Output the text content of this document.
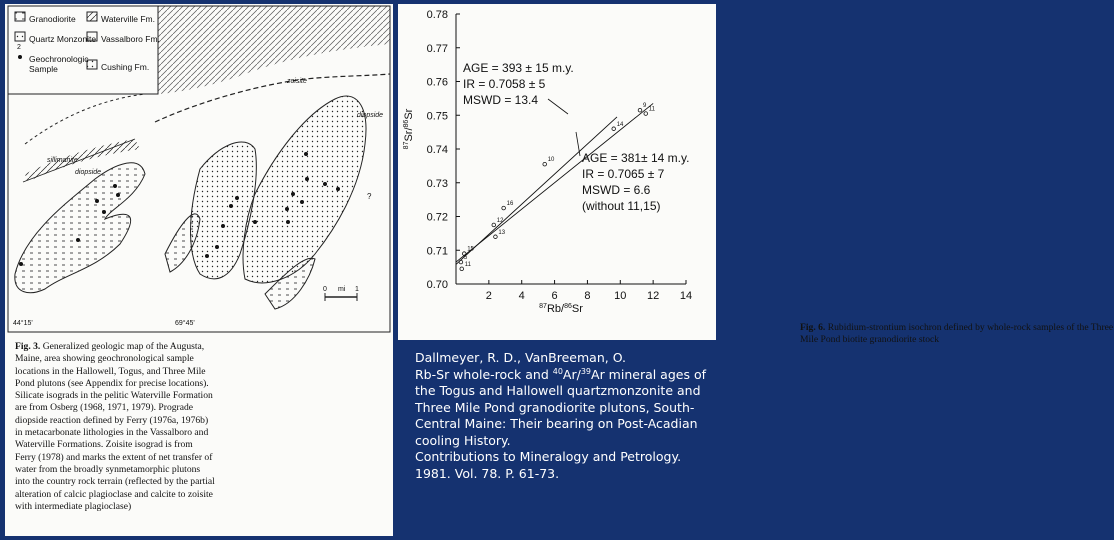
Granodiorite	Waterville Fm.
Quartz Monzonite Vassalboro Fm.
2
Geochronologic
Sample	Cushing Fm.
zoisite
diopside
diopside
sillimanite
0 mi 1
44°15'	69°45'
?
Fig. 3. Generalized geologic map of the Augusta, Maine, area showing geochronological sample locations in the Hallowell, Togus, and Three Mile Pond plutons (see Appendix for precise locations). Silicate isograds in the pelitic Waterville Formation are from Osberg (1968, 1971, 1979). Prograde diopside reaction defined by Ferry (1976a, 1976b) in metacarbonate lithologies in the Vassalboro and Waterville Formations. Zoisite isograd is from Ferry (1978) and marks the extent of net transfer of water from the broadly synmetamorphic plutons into the country rock terrain (reflected by the partial alteration of calcic plagioclase and calcite to zoisite with intermediate plagioclase)
0.70
0.71
0.72
0.73
0.74
0.75
0.76
0.77
0.78
2 4 6 8 10 12 14
9
11
14
10
16
12
13
15
5
11
$^{87}$Rb/$^{86}$Sr
$^{87}$Sr/$^{86}$Sr
AGE = 393 ± 15 m.y.
IR = 0.7058 ± 5
MSWD = 13.4
AGE = 381± 14 m.y.
IR = 0.7065 ± 7
MSWD = 6.6
(without 11,15)
Fig. 6. Rubidium-strontium isochron defined by whole-rock samples of the Three Mile Pond biotite granodiorite stock
Dallmeyer, R. D., VanBreeman, O.
Rb-Sr whole-rock and $^{40}$Ar/$^{39}$Ar mineral ages of the Togus and Hallowell quartzmonzonite and Three Mile Pond granodiorite plutons, South-Central Maine: Their bearing on Post-Acadian cooling History.
Contributions to Mineralogy and Petrology. 1981. Vol. 78. P. 61-73.
